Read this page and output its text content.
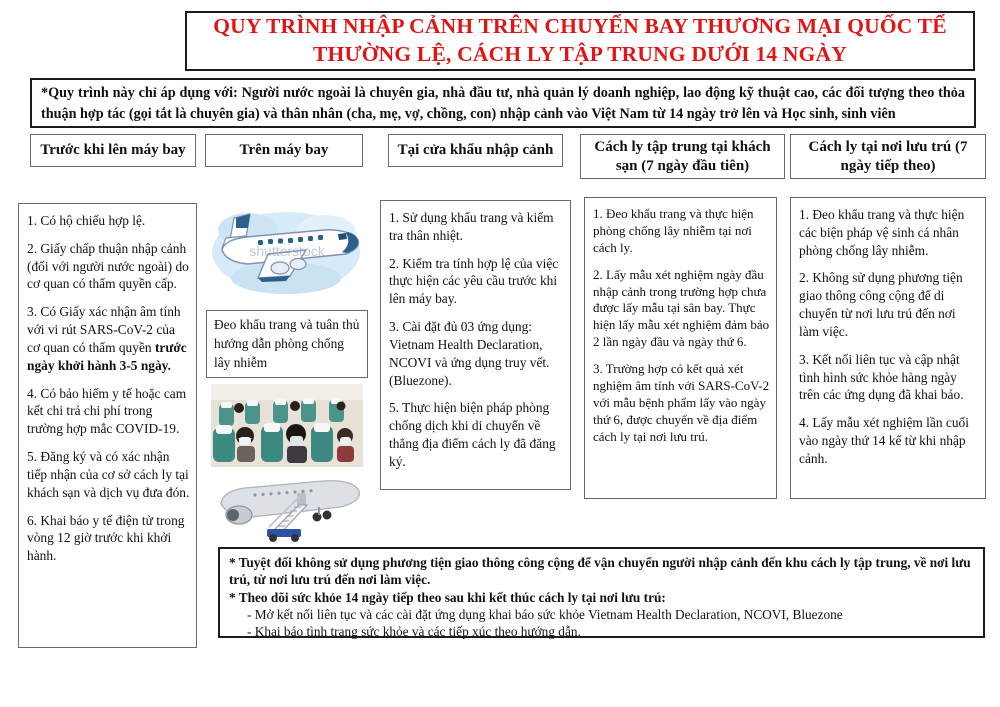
QUY TRÌNH NHẬP CẢNH TRÊN CHUYẾN BAY THƯƠNG MẠI QUỐC TẾ
THƯỜNG LỆ, CÁCH LY TẬP TRUNG DƯỚI 14 NGÀY
*Quy trình này chỉ áp dụng với: Người nước ngoài là chuyên gia, nhà đầu tư, nhà quản lý doanh nghiệp, lao động kỹ thuật cao, các đối tượng theo thỏa thuận hợp tác (gọi tắt là chuyên gia) và thân nhân (cha, mẹ, vợ, chồng, con) nhập cảnh vào Việt Nam từ 14 ngày trở lên và Học sinh, sinh viên
Trước khi lên máy bay	Trên máy bay	Tại cửa khẩu nhập cảnh	Cách ly tập trung tại khách sạn (7 ngày đầu tiên)
Cách ly tại nơi lưu trú (7 ngày tiếp theo)

1. Có hộ chiếu hợp lệ.

2. Giấy chấp thuận nhập cảnh (đối với người nước ngoài) do cơ quan có thẩm quyền cấp.

3. Có Giấy xác nhận âm tính với vi rút SARS-CoV-2 của cơ quan có thẩm quyền trước ngày khởi hành 3-5 ngày.

4. Có bảo hiểm y tế hoặc cam kết chi trả chi phí trong trường hợp mắc COVID-19.

5. Đăng ký và có xác nhận tiếp nhận của cơ sở cách ly tại khách sạn và dịch vụ đưa đón.

6. Khai báo y tế điện tử trong vòng 12 giờ trước khi khởi hành.

shutterstock
Đeo khẩu trang và tuân thủ hướng dẫn phòng chống lây nhiễm

1. Sử dụng khẩu trang và kiểm tra thân nhiệt.

2. Kiểm tra tính hợp lệ của việc thực hiện các yêu cầu trước khi lên máy bay.

3. Cài đặt đủ 03 ứng dụng: Vietnam Health Declaration, NCOVI và ứng dụng truy vết.(Bluezone).

5. Thực hiện biện pháp phòng chống dịch khi di chuyển về thẳng địa điểm cách ly đã đăng ký.

1. Đeo khẩu trang và thực hiện phòng chống lây nhiễm tại nơi cách ly.

2. Lấy mẫu xét nghiệm ngày đầu nhập cảnh trong trường hợp chưa được lấy mẫu tại sân bay. Thực hiện lấy mẫu xét nghiệm đảm bảo 2 lần ngày đầu và ngày thứ 6.

3. Trường hợp có kết quả xét nghiệm âm tính với SARS-CoV-2 với mẫu bệnh phẩm lấy vào ngày thứ 6, được chuyển về địa điểm cách ly tại nơi lưu trú.

1. Đeo khẩu trang và thực hiện các biện pháp vệ sinh cá nhân phòng chống lây nhiễm.

2. Không sử dụng phương tiện giao thông công cộng để di chuyển từ nơi lưu trú đến nơi làm việc.

3. Kết nối liên tục và cập nhật tình hình sức khỏe hàng ngày trên các ứng dụng đã khai báo.

4. Lấy mẫu xét nghiệm lần cuối vào ngày thứ 14 kể từ khi nhập cảnh.

* Tuyệt đối không sử dụng phương tiện giao thông công cộng để vận chuyển người nhập cảnh đến khu cách ly tập trung, về nơi lưu trú, từ nơi lưu trú đến nơi làm việc.
* Theo dõi sức khỏe 14 ngày tiếp theo sau khi kết thúc cách ly tại nơi lưu trú:
- Mở kết nối liên tục và các cài đặt ứng dụng khai báo sức khỏe Vietnam Health Declaration, NCOVI, Bluezone
- Khai báo tình trạng sức khỏe và các tiếp xúc theo hướng dẫn.
